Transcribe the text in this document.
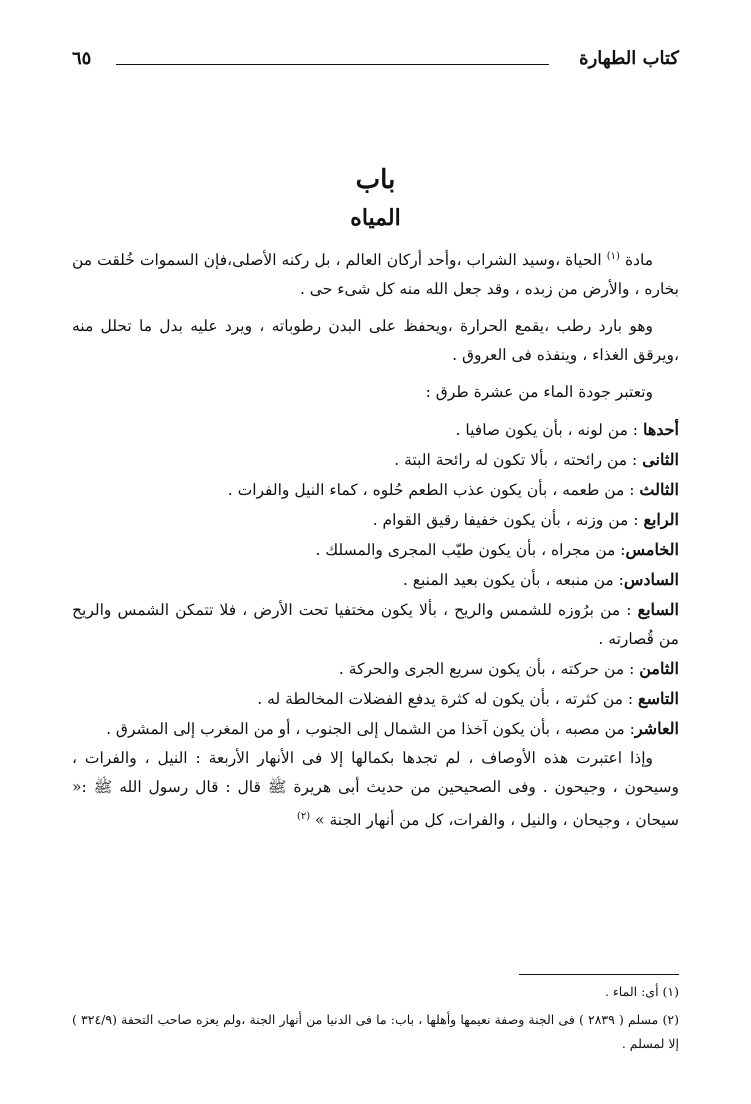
كتاب الطهارة
٦٥
باب
المياه

مادة $^{(١)}$ الحياة ،وسيد الشراب ،وأحد أركان العالم ، بل ركنه الأصلى،فإن السموات خُلقت من بخاره ، والأرض من زبده ، وقد جعل الله منه كل شىء حى .

وهو بارد رطب ،يقمع الحرارة ،ويحفظ على البدن رطوباته ، ويرد عليه بدل ما تحلل منه ،ويرقق الغذاء ، وينفذه فى العروق .

وتعتبر جودة الماء من عشرة طرق :

أحدها : من لونه ، بأن يكون صافيا .

الثانى : من رائحته ، بألا تكون له رائحة البتة .

الثالث : من طعمه ، بأن يكون عذب الطعم حُلوه ، كماء النيل والفرات .

الرابع : من وزنه ، بأن يكون خفيفا رقيق القوام .

الخامس: من مجراه ، بأن يكون طيّب المجرى والمسلك .

السادس: من منبعه ، بأن يكون بعيد المنبع .

السابع : من برُوزه للشمس والريح ، بألا يكون مختفيا تحت الأرض ، فلا تتمكن الشمس والريح من قُصارته .

الثامن : من حركته ، بأن يكون سريع الجرى والحركة .

التاسع : من كثرته ، بأن يكون له كثرة يدفع الفضلات المخالطة له .

العاشر: من مصبه ، بأن يكون آخذا من الشمال إلى الجنوب ، أو من المغرب إلى المشرق .

وإذا اعتبرت هذه الأوصاف ، لم تجدها بكمالها إلا فى الأنهار الأربعة : النيل ، والفرات ، وسيحون ، وجيحون . وفى الصحيحين من حديث أبى هريرة ﷺ قال : قال رسول الله ﷺ :« سيحان ، وجيحان ، والنيل ، والفرات، كل من أنهار الجنة » $^{(٢)}$

(١) أى: الماء .

(٢) مسلم ( ٢٨٣٩ ) فى الجنة وصفة نعيمها وأهلها ، باب: ما فى الدنيا من أنهار الجنة ،ولم يعزه صاحب التحفة (٣٢٤/٩ ) إلا لمسلم .
